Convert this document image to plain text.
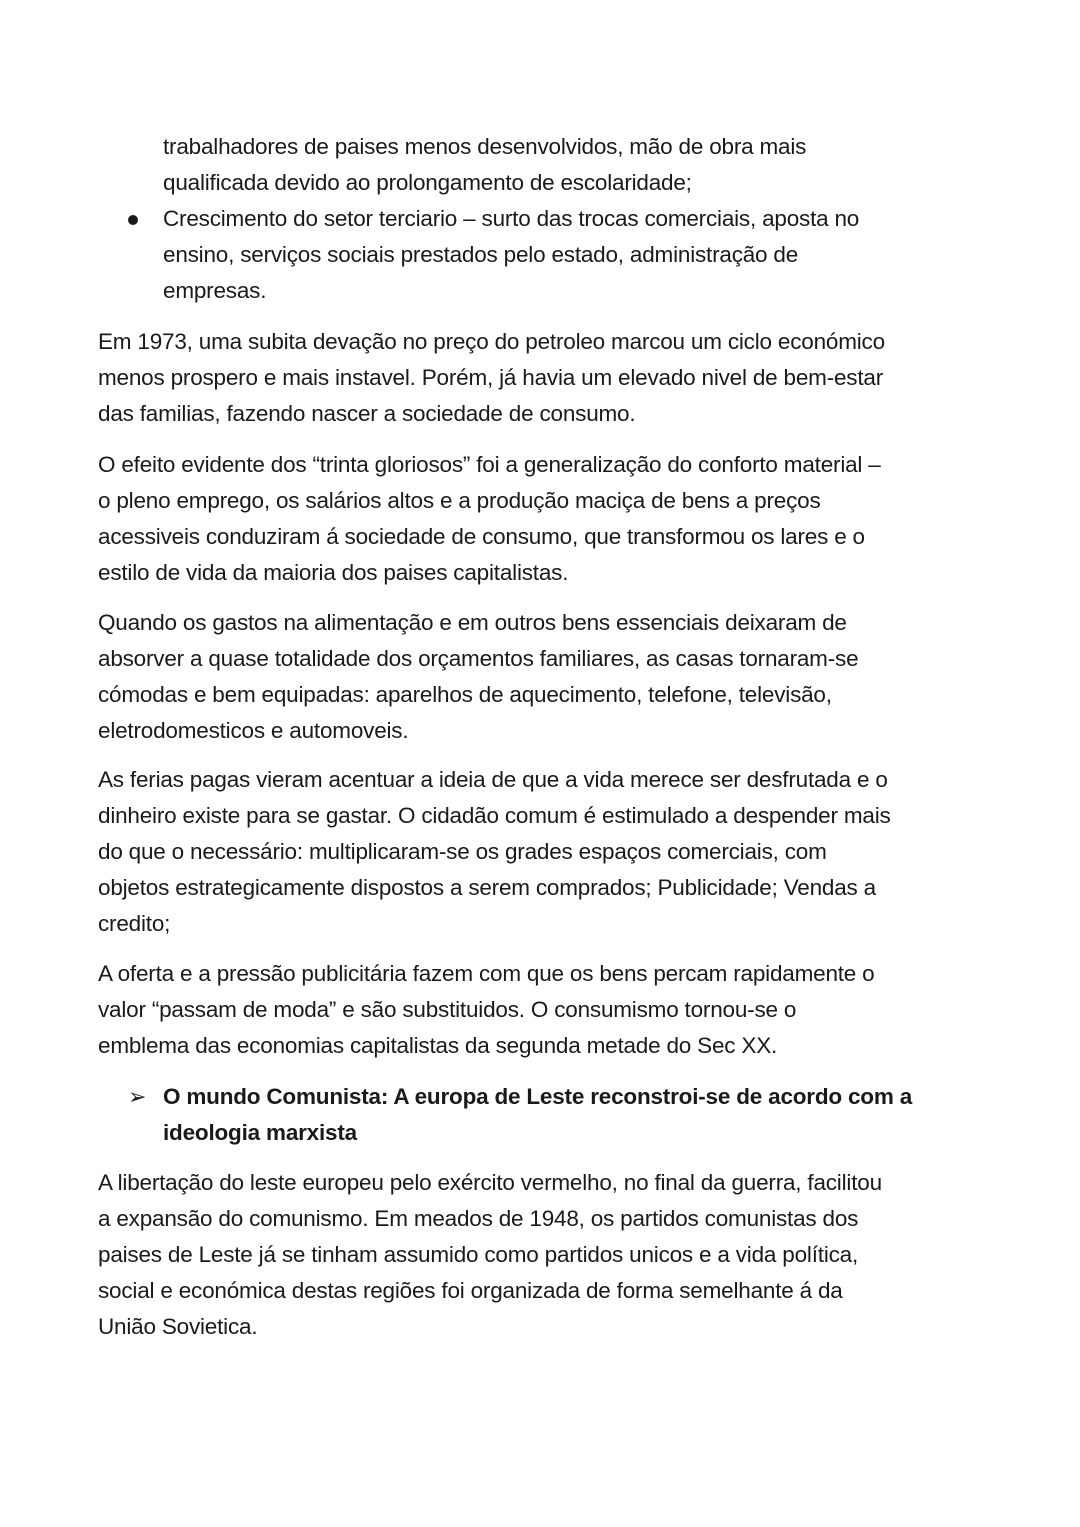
trabalhadores de paises menos desenvolvidos, mão de obra mais
qualificada devido ao prolongamento de escolaridade;
Crescimento do setor terciario – surto das trocas comerciais, aposta no
ensino, serviços sociais prestados pelo estado, administração de
empresas.
Em 1973, uma subita devação no preço do petroleo marcou um ciclo económico
menos prospero e mais instavel. Porém, já havia um elevado nivel de bem-estar
das familias, fazendo nascer a sociedade de consumo.
O efeito evidente dos “trinta gloriosos” foi a generalização do conforto material –
o pleno emprego, os salários altos e a produção maciça de bens a preços
acessiveis conduziram á sociedade de consumo, que transformou os lares e o
estilo de vida da maioria dos paises capitalistas.
Quando os gastos na alimentação e em outros bens essenciais deixaram de
absorver a quase totalidade dos orçamentos familiares, as casas tornaram-se
cómodas e bem equipadas: aparelhos de aquecimento, telefone, televisão,
eletrodomesticos e automoveis.
As ferias pagas vieram acentuar a ideia de que a vida merece ser desfrutada e o
dinheiro existe para se gastar. O cidadão comum é estimulado a despender mais
do que o necessário: multiplicaram-se os grades espaços comerciais, com
objetos estrategicamente dispostos a serem comprados; Publicidade; Vendas a
credito;
A oferta e a pressão publicitária fazem com que os bens percam rapidamente o
valor “passam de moda” e são substituidos. O consumismo tornou-se o
emblema das economias capitalistas da segunda metade do Sec XX.
➢ O mundo Comunista: A europa de Leste reconstroi-se de acordo com a
ideologia marxista
A libertação do leste europeu pelo exército vermelho, no final da guerra, facilitou
a expansão do comunismo. Em meados de 1948, os partidos comunistas dos
paises de Leste já se tinham assumido como partidos unicos e a vida política,
social e económica destas regiões foi organizada de forma semelhante á da
União Sovietica.
